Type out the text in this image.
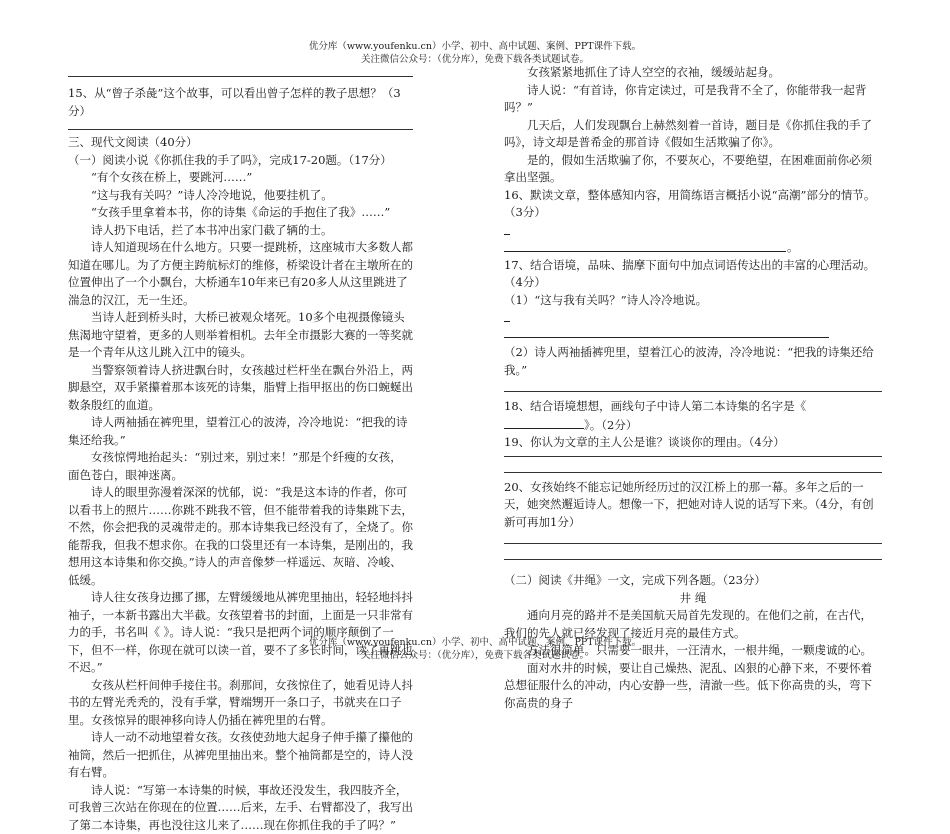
优分库（www.youfenku.cn）小学、初中、高中试题、案例、PPT课件下载。
关注微信公众号：（优分库），免费下载各类试题试卷。

15、从“曾子杀彘”这个故事，可以看出曾子怎样的教子思想？（3分）

三、现代文阅读（40分）

（一）阅读小说《你抓住我的手了吗》，完成17-20题。（17分）

“有个女孩在桥上，要跳河……”

“这与我有关吗？”诗人冷冷地说，他要挂机了。

“女孩手里拿着本书，你的诗集《命运的手抱住了我》……”

诗人扔下电话，拦了本书冲出家门截了辆的士。

诗人知道现场在什么地方。只要一提跳桥，这座城市大多数人都知道在哪儿。为了方便主跨航标灯的维修，桥梁设计者在主墩所在的位置伸出了一个小飘台，大桥通车10年来已有20多人从这里跳进了湍急的汉江，无一生还。

当诗人赶到桥头时，大桥已被观众堵死。10多个电视摄像镜头焦渴地守望着，更多的人则举着相机。去年全市摄影大赛的一等奖就是一个青年从这儿跳入江中的镜头。

当警察领着诗人挤进飘台时，女孩越过栏杆坐在飘台外沿上，两脚悬空，双手紧攥着那本该死的诗集，脂臂上指甲抠出的伤口蜿蜒出数条殷红的血道。

诗人两袖插在裤兜里，望着江心的波涛，冷冷地说：“把我的诗集还给我。”

女孩惊愕地抬起头：“别过来，别过来！”那是个纤瘦的女孩，面色苍白，眼神迷离。

诗人的眼里弥漫着深深的忧郁，说：“我是这本诗的作者，你可以看书上的照片……你跳不跳我不管，但不能带着我的诗集跳下去，不然，你会把我的灵魂带走的。那本诗集我已经没有了，全烧了。你能帮我，但我不想求你。在我的口袋里还有一本诗集，是刚出的，我想用这本诗集和你交换。”诗人的声音像梦一样遥远、灰暗、冷峻、低缓。

诗人往女孩身边挪了挪，左臂缓缓地从裤兜里抽出，轻轻地抖抖袖子，一本新书露出大半截。女孩望着书的封面，上面是一只非常有力的手，书名叫《 》。诗人说：“我只是把两个词的顺序颠倒了一下，但不一样，你现在就可以读一首，要不了多长时间，读了再跳也不迟。”

女孩从栏杆间伸手接住书。刹那间，女孩惊住了，她看见诗人抖书的左臂光秃秃的，没有手掌，臂端甥开一条口子，书就夹在口子里。女孩惊异的眼神移向诗人仍插在裤兜里的右臂。

诗人一动不动地望着女孩。女孩使劲地大起身子伸手攥了攥他的袖筒，然后一把抓住，从裤兜里抽出来。整个袖筒都是空的，诗人没有右臂。

诗人说：“写第一本诗集的时候，事故还没发生，我四肢齐全，可我曾三次站在你现在的位置……后来，左手、右臂都没了，我写出了第二本诗集，再也没往这儿来了……现在你抓住我的手了吗？”

女孩紧紧地抓住了诗人空空的衣袖，缓缓站起身。

诗人说：“有首诗，你肯定读过，可是我背不全了，你能带我一起背吗？”

几天后，人们发现飘台上赫然刻着一首诗，题目是《你抓住我的手了吗》，诗文却是普希金的那首诗《假如生活欺骗了你》。

是的，假如生活欺骗了你，不要灰心，不要绝望，在困难面前你必须拿出坚强。

16、默读文章，整体感知内容，用简练语言概括小说“高潮”部分的情节。（3分）

。

17、结合语境，品味、揣摩下面句中加点词语传达出的丰富的心理活动。（4分）

（1）“这与我有关吗？”诗人冷冷地说。

（2）诗人两袖插裤兜里，望着江心的波涛，冷冷地说：“把我的诗集还给我。”

18、结合语境想想，画线句子中诗人第二本诗集的名字是《》。（2分）

19、你认为文章的主人公是谁？谈谈你的理由。（4分）

20、女孩始终不能忘记她所经历过的汉江桥上的那一幕。多年之后的一天，她突然邂逅诗人。想像一下，把她对诗人说的话写下来。（4分，有创新可再加1分）

（二）阅读《井绳》一文，完成下列各题。（23分）

井 绳

通向月亮的路并不是美国航天局首先发现的。在他们之前，在古代，我们的先人就已经发现了接近月亮的最佳方式。

方法很简单。只需要一眼井，一汪清水，一根井绳，一颗虔诚的心。

面对水井的时候，要让自己燥热、泥乱、凶狠的心静下来，不要怀着总想征服什么的冲动，内心安静一些，清澈一些。低下你高贵的头，弯下你高贵的身子

优分库（www.youfenku.cn）小学、初中、高中试题、案例、PPT课件下载。
关注微信公众号：（优分库），免费下载各类试题试卷。
